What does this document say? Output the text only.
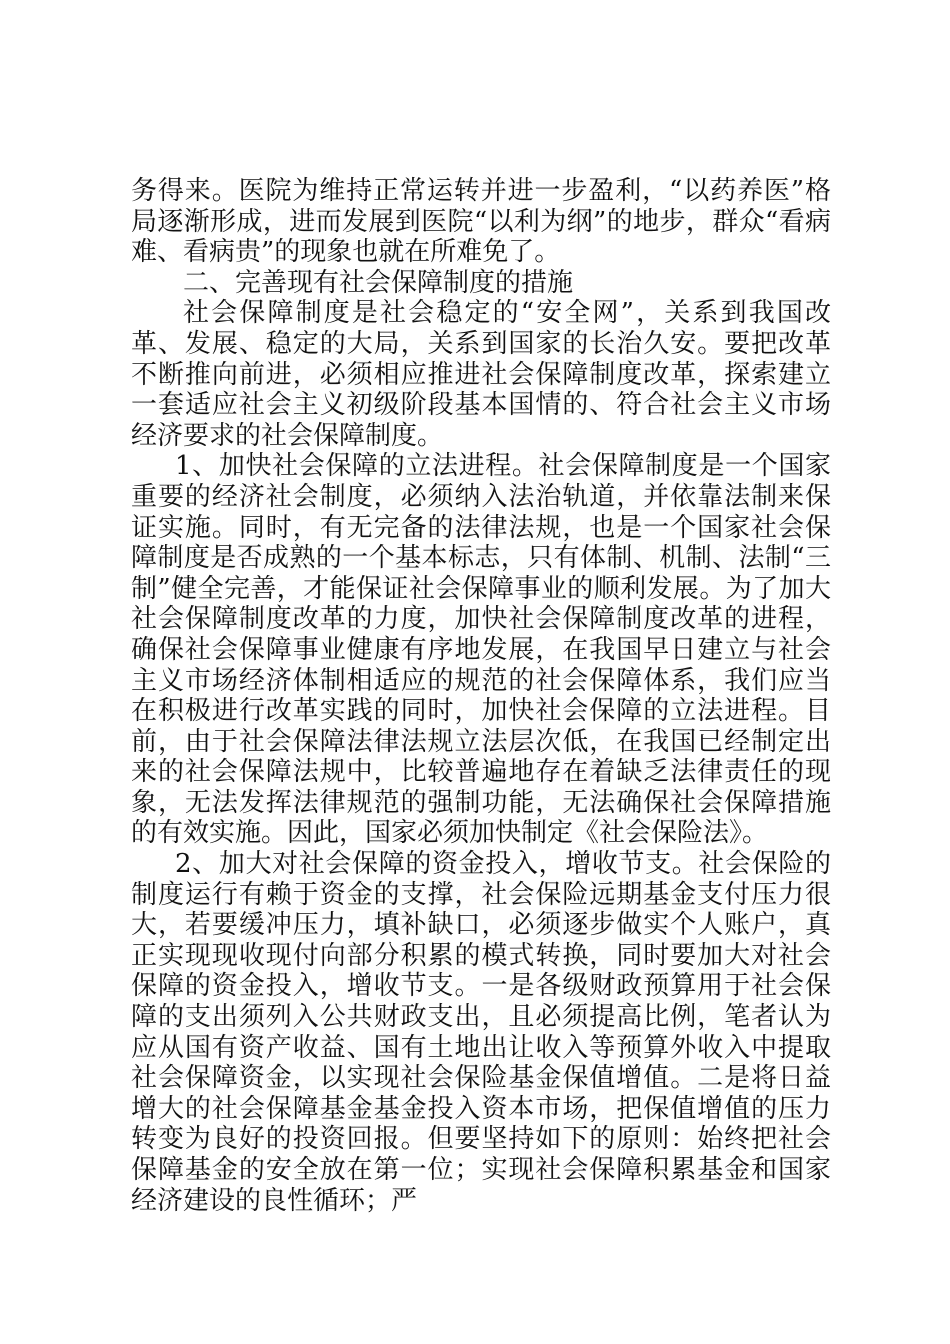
务得来。医院为维持正常运转并进一步盈利，“以药养医”格局逐渐形成，进而发展到医院“以利为纲”的地步，群众“看病难、看病贵”的现象也就在所难免了。

二、完善现有社会保障制度的措施

社会保障制度是社会稳定的“安全网”，关系到我国改革、发展、稳定的大局，关系到国家的长治久安。要把改革不断推向前进，必须相应推进社会保障制度改革，探索建立一套适应社会主义初级阶段基本国情的、符合社会主义市场经济要求的社会保障制度。

1、加快社会保障的立法进程。社会保障制度是一个国家重要的经济社会制度，必须纳入法治轨道，并依靠法制来保证实施。同时，有无完备的法律法规，也是一个国家社会保障制度是否成熟的一个基本标志，只有体制、机制、法制“三制”健全完善，才能保证社会保障事业的顺利发展。为了加大社会保障制度改革的力度，加快社会保障制度改革的进程，确保社会保障事业健康有序地发展，在我国早日建立与社会主义市场经济体制相适应的规范的社会保障体系，我们应当在积极进行改革实践的同时，加快社会保障的立法进程。目前，由于社会保障法律法规立法层次低，在我国已经制定出来的社会保障法规中，比较普遍地存在着缺乏法律责任的现象，无法发挥法律规范的强制功能，无法确保社会保障措施的有效实施。因此，国家必须加快制定《社会保险法》。

2、加大对社会保障的资金投入，增收节支。社会保险的制度运行有赖于资金的支撑，社会保险远期基金支付压力很大，若要缓冲压力，填补缺口，必须逐步做实个人账户，真正实现现收现付向部分积累的模式转换，同时要加大对社会保障的资金投入，增收节支。一是各级财政预算用于社会保障的支出须列入公共财政支出，且必须提高比例，笔者认为应从国有资产收益、国有土地出让收入等预算外收入中提取社会保障资金，以实现社会保险基金保值增值。二是将日益增大的社会保障基金基金投入资本市场，把保值增值的压力转变为良好的投资回报。但要坚持如下的原则：始终把社会保障基金的安全放在第一位；实现社会保障积累基金和国家经济建设的良性循环；严
